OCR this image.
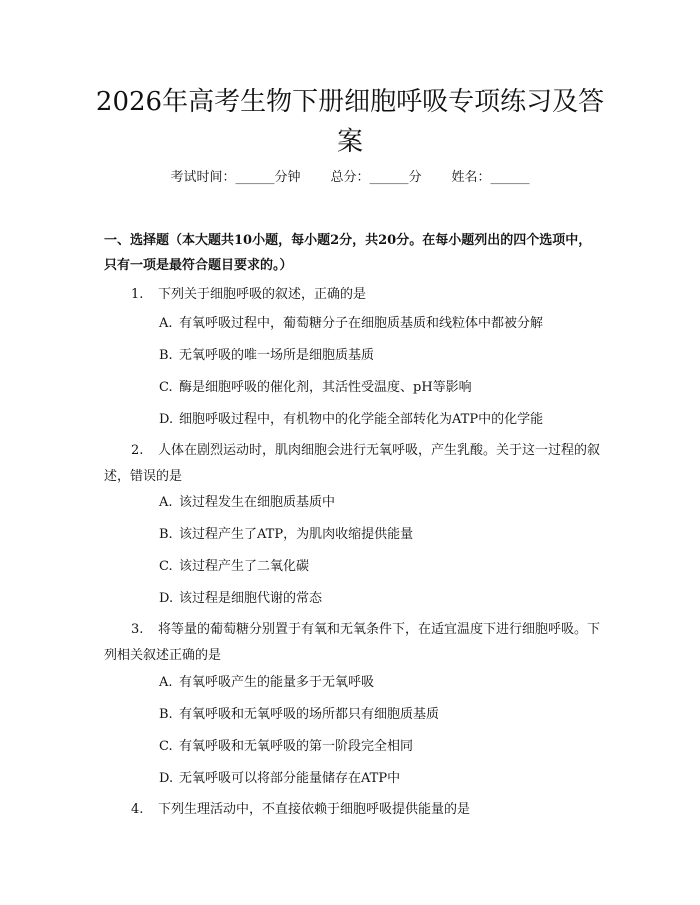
2026年高考生物下册细胞呼吸专项练习及答案
考试时间：______分钟 总分：______分 姓名：______

一、选择题（本大题共10小题，每小题2分，共20分。在每小题列出的四个选项中，只有一项是最符合题目要求的。）

1. 下列关于细胞呼吸的叙述，正确的是

A. 有氧呼吸过程中，葡萄糖分子在细胞质基质和线粒体中都被分解

B. 无氧呼吸的唯一场所是细胞质基质

C. 酶是细胞呼吸的催化剂，其活性受温度、pH等影响

D. 细胞呼吸过程中，有机物中的化学能全部转化为ATP中的化学能

2. 人体在剧烈运动时，肌肉细胞会进行无氧呼吸，产生乳酸。关于这一过程的叙述，错误的是

A. 该过程发生在细胞质基质中

B. 该过程产生了ATP，为肌肉收缩提供能量

C. 该过程产生了二氧化碳

D. 该过程是细胞代谢的常态

3. 将等量的葡萄糖分别置于有氧和无氧条件下，在适宜温度下进行细胞呼吸。下列相关叙述正确的是

A. 有氧呼吸产生的能量多于无氧呼吸

B. 有氧呼吸和无氧呼吸的场所都只有细胞质基质

C. 有氧呼吸和无氧呼吸的第一阶段完全相同

D. 无氧呼吸可以将部分能量储存在ATP中

4. 下列生理活动中，不直接依赖于细胞呼吸提供能量的是
